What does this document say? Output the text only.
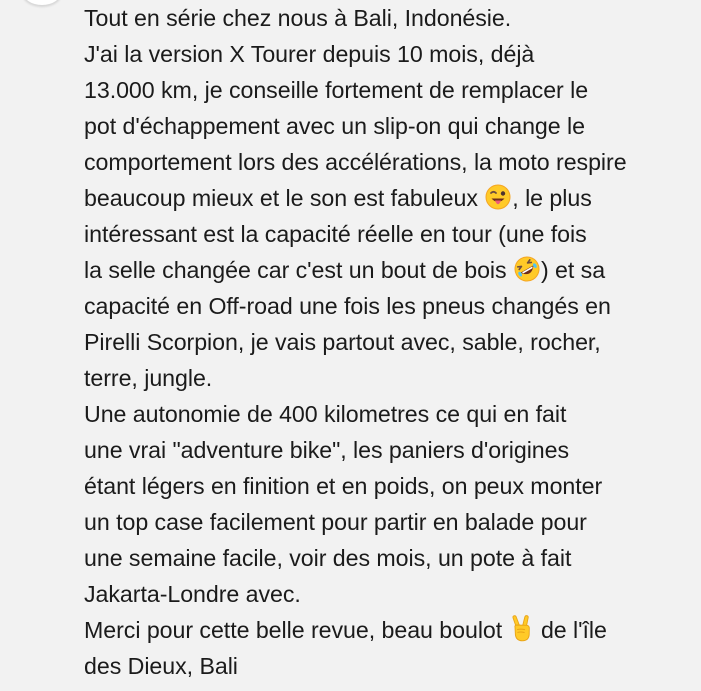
Tout en série chez nous à Bali, Indonésie.
J'ai la version X Tourer depuis 10 mois, déjà
13.000 km, je conseille fortement de remplacer le
pot d'échappement avec un slip-on qui change le
comportement lors des accélérations, la moto respire
beaucoup mieux et le son est fabuleux , le plus
intéressant est la capacité réelle en tour (une fois
la selle changée car c'est un bout de bois ) et sa
capacité en Off-road une fois les pneus changés en
Pirelli Scorpion, je vais partout avec, sable, rocher,
terre, jungle.
Une autonomie de 400 kilometres ce qui en fait
une vrai "adventure bike", les paniers d'origines
étant légers en finition et en poids, on peux monter
un top case facilement pour partir en balade pour
une semaine facile, voir des mois, un pote à fait
Jakarta-Londre avec.
Merci pour cette belle revue, beau boulot  de l'île
des Dieux, Bali
